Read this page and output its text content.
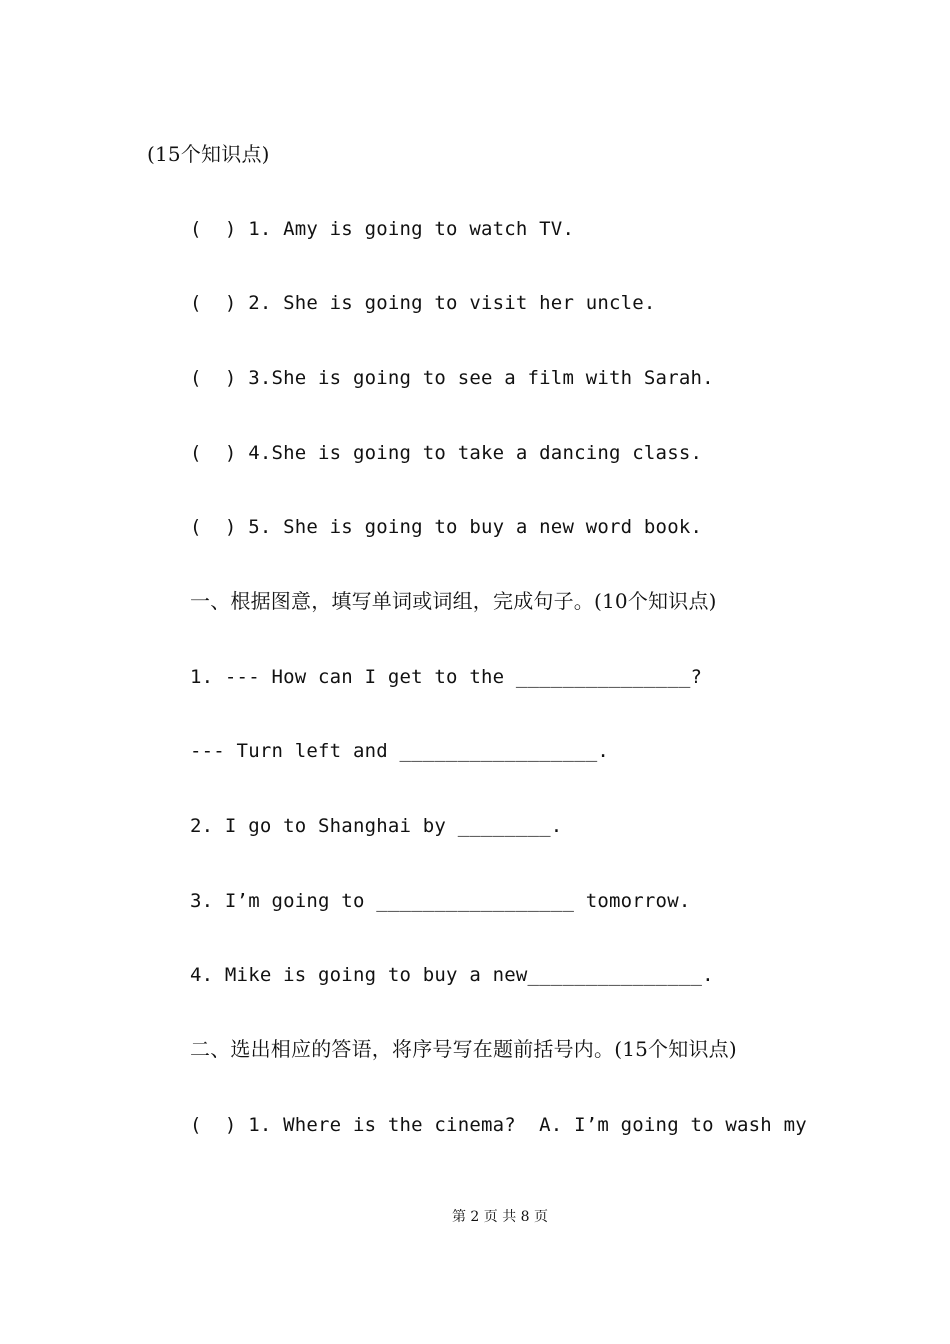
(15个知识点)
(  ) 1. Amy is going to watch TV.
(  ) 2. She is going to visit her uncle.
(  ) 3.She is going to see a film with Sarah.
(  ) 4.She is going to take a dancing class.
(  ) 5. She is going to buy a new word book.
一、根据图意，填写单词或词组，完成句子。(10个知识点)
1. --- How can I get to the _______________?
--- Turn left and _________________.
2. I go to Shanghai by ________.
3. I’m going to _________________ tomorrow.
4. Mike is going to buy a new_______________.
二、选出相应的答语，将序号写在题前括号内。(15个知识点)
(  ) 1. Where is the cinema?  A. I’m going to wash my
第 2 页 共 8 页
